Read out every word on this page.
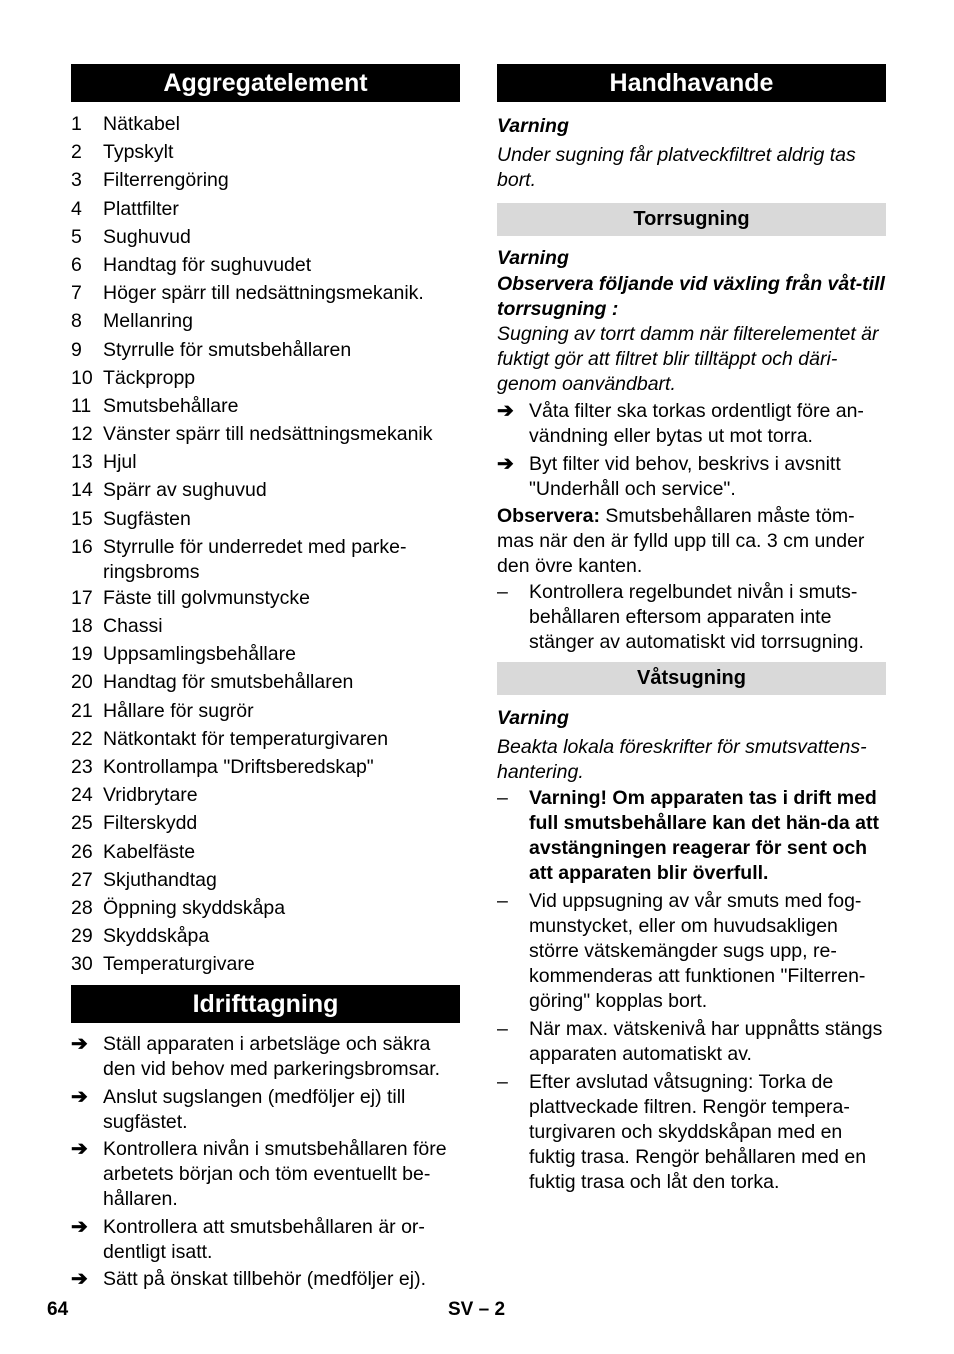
Aggregatelement
1	Nätkabel
2	Typskylt
3	Filterrengöring
4	Plattfilter
5	Sughuvud
6	Handtag för sughuvudet
7	Höger spärr till nedsättningsmekanik.
8	Mellanring
9	Styrrulle för smutsbehållaren
10 Täckpropp
11 Smutsbehållare
12 Vänster spärr till nedsättningsmekanik
13 Hjul
14 Spärr av sughuvud
15 Sugfästen
16 Styrrulle för underredet med parke-ringsbroms
17 Fäste till golvmunstycke
18 Chassi
19 Uppsamlingsbehållare
20 Handtag för smutsbehållaren
21 Hållare för sugrör
22 Nätkontakt för temperaturgivaren
23 Kontrollampa "Driftsberedskap"
24 Vridbrytare
25 Filterskydd
26 Kabelfäste
27 Skjuthandtag
28 Öppning skyddskåpa
29 Skyddskåpa
30 Temperaturgivare
Idrifttagning
➔ Ställ apparaten i arbetsläge och säkra den vid behov med parkeringsbromsar.
➔ Anslut sugslangen (medföljer ej) till sugfästet.
➔ Kontrollera nivån i smutsbehållaren före arbetets början och töm eventuellt be-hållaren.
➔ Kontrollera att smutsbehållaren är or-dentligt isatt.
➔ Sätt på önskat tillbehör (medföljer ej).
Handhavande

Varning

Under sugning får platveckfiltret aldrig tas bort.

Torrsugning

Varning

Observera följande vid växling från våt-till torrsugning :

Sugning av torrt damm när filterelementet är fuktigt gör att filtret blir tilltäppt och däri-genom oanvändbart.

➔ Våta filter ska torkas ordentligt före an-vändning eller bytas ut mot torra.
➔ Byt filter vid behov, beskrivs i avsnitt "Underhåll och service".

Observera: Smutsbehållaren måste töm-mas när den är fylld upp till ca. 3 cm under den övre kanten.

–	Kontrollera regelbundet nivån i smuts-behållaren eftersom apparaten inte stänger av automatiskt vid torrsugning.
Våtsugning

Varning

Beakta lokala föreskrifter för smutsvattens-hantering.

–	Varning! Om apparaten tas i drift med full smutsbehållare kan det hän-da att avstängningen reagerar för sent och att apparaten blir överfull.
–	Vid uppsugning av vår smuts med fog-munstycket, eller om huvudsakligen större vätskemängder sugs upp, re-kommenderas att funktionen "Filterren-göring" kopplas bort.
–	När max. vätskenivå har uppnåtts stängs apparaten automatiskt av.
–	Efter avslutad våtsugning: Torka de plattveckade filtren. Rengör tempera-turgivaren och skyddskåpan med en fuktig trasa. Rengör behållaren med en fuktig trasa och låt den torka.
64	SV – 2
